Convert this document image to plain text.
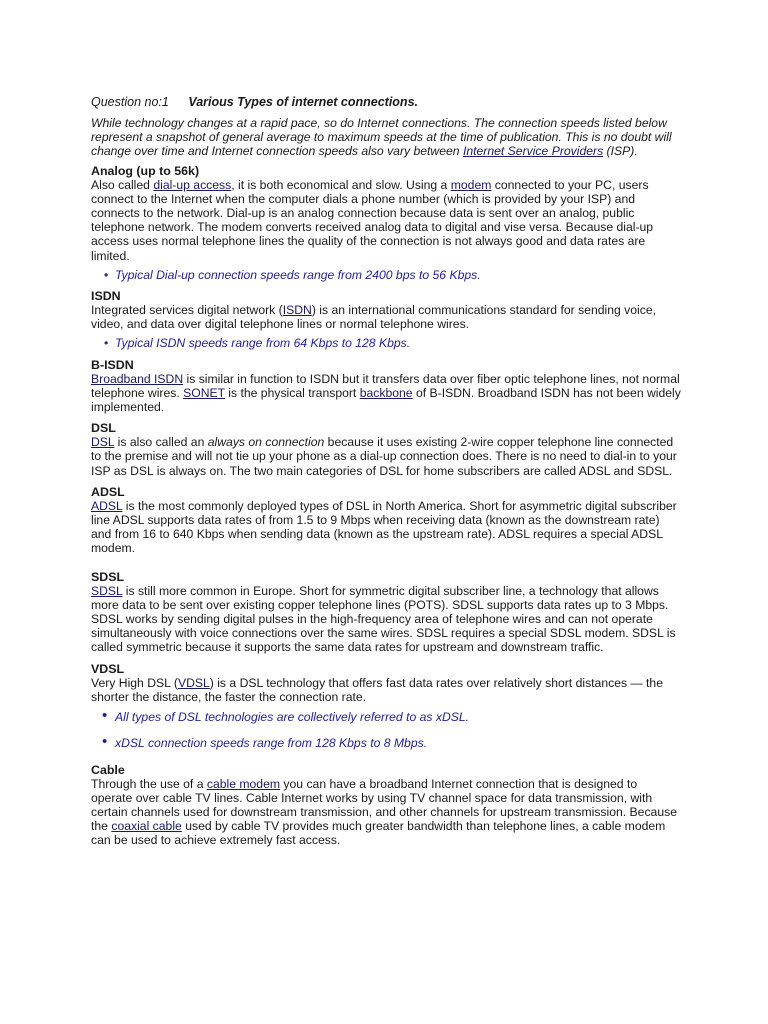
Question no:1 Various Types of internet connections.

While technology changes at a rapid pace, so do Internet connections. The connection speeds listed below represent a snapshot of general average to maximum speeds at the time of publication. This is no doubt will change over time and Internet connection speeds also vary between Internet Service Providers (ISP).

Analog (up to 56k)

Also called dial-up access, it is both economical and slow. Using a modem connected to your PC, users connect to the Internet when the computer dials a phone number (which is provided by your ISP) and connects to the network. Dial-up is an analog connection because data is sent over an analog, public telephone network. The modem converts received analog data to digital and vise versa. Because dial-up access uses normal telephone lines the quality of the connection is not always good and data rates are limited.

• Typical Dial-up connection speeds range from 2400 bps to 56 Kbps.
ISDN

Integrated services digital network (ISDN) is an international communications standard for sending voice, video, and data over digital telephone lines or normal telephone wires.

• Typical ISDN speeds range from 64 Kbps to 128 Kbps.
B-ISDN

Broadband ISDN is similar in function to ISDN but it transfers data over fiber optic telephone lines, not normal telephone wires. SONET is the physical transport backbone of B-ISDN. Broadband ISDN has not been widely implemented.

DSL

DSL is also called an always on connection because it uses existing 2-wire copper telephone line connected to the premise and will not tie up your phone as a dial-up connection does. There is no need to dial-in to your ISP as DSL is always on. The two main categories of DSL for home subscribers are called ADSL and SDSL.

ADSL

ADSL is the most commonly deployed types of DSL in North America. Short for asymmetric digital subscriber line ADSL supports data rates of from 1.5 to 9 Mbps when receiving data (known as the downstream rate) and from 16 to 640 Kbps when sending data (known as the upstream rate). ADSL requires a special ADSL modem.

SDSL

SDSL is still more common in Europe. Short for symmetric digital subscriber line, a technology that allows more data to be sent over existing copper telephone lines (POTS). SDSL supports data rates up to 3 Mbps. SDSL works by sending digital pulses in the high-frequency area of telephone wires and can not operate simultaneously with voice connections over the same wires. SDSL requires a special SDSL modem. SDSL is called symmetric because it supports the same data rates for upstream and downstream traffic.

VDSL

Very High DSL (VDSL) is a DSL technology that offers fast data rates over relatively short distances — the shorter the distance, the faster the connection rate.

• All types of DSL technologies are collectively referred to as xDSL.
• xDSL connection speeds range from 128 Kbps to 8 Mbps.
Cable

Through the use of a cable modem you can have a broadband Internet connection that is designed to operate over cable TV lines. Cable Internet works by using TV channel space for data transmission, with certain channels used for downstream transmission, and other channels for upstream transmission. Because the coaxial cable used by cable TV provides much greater bandwidth than telephone lines, a cable modem can be used to achieve extremely fast access.
